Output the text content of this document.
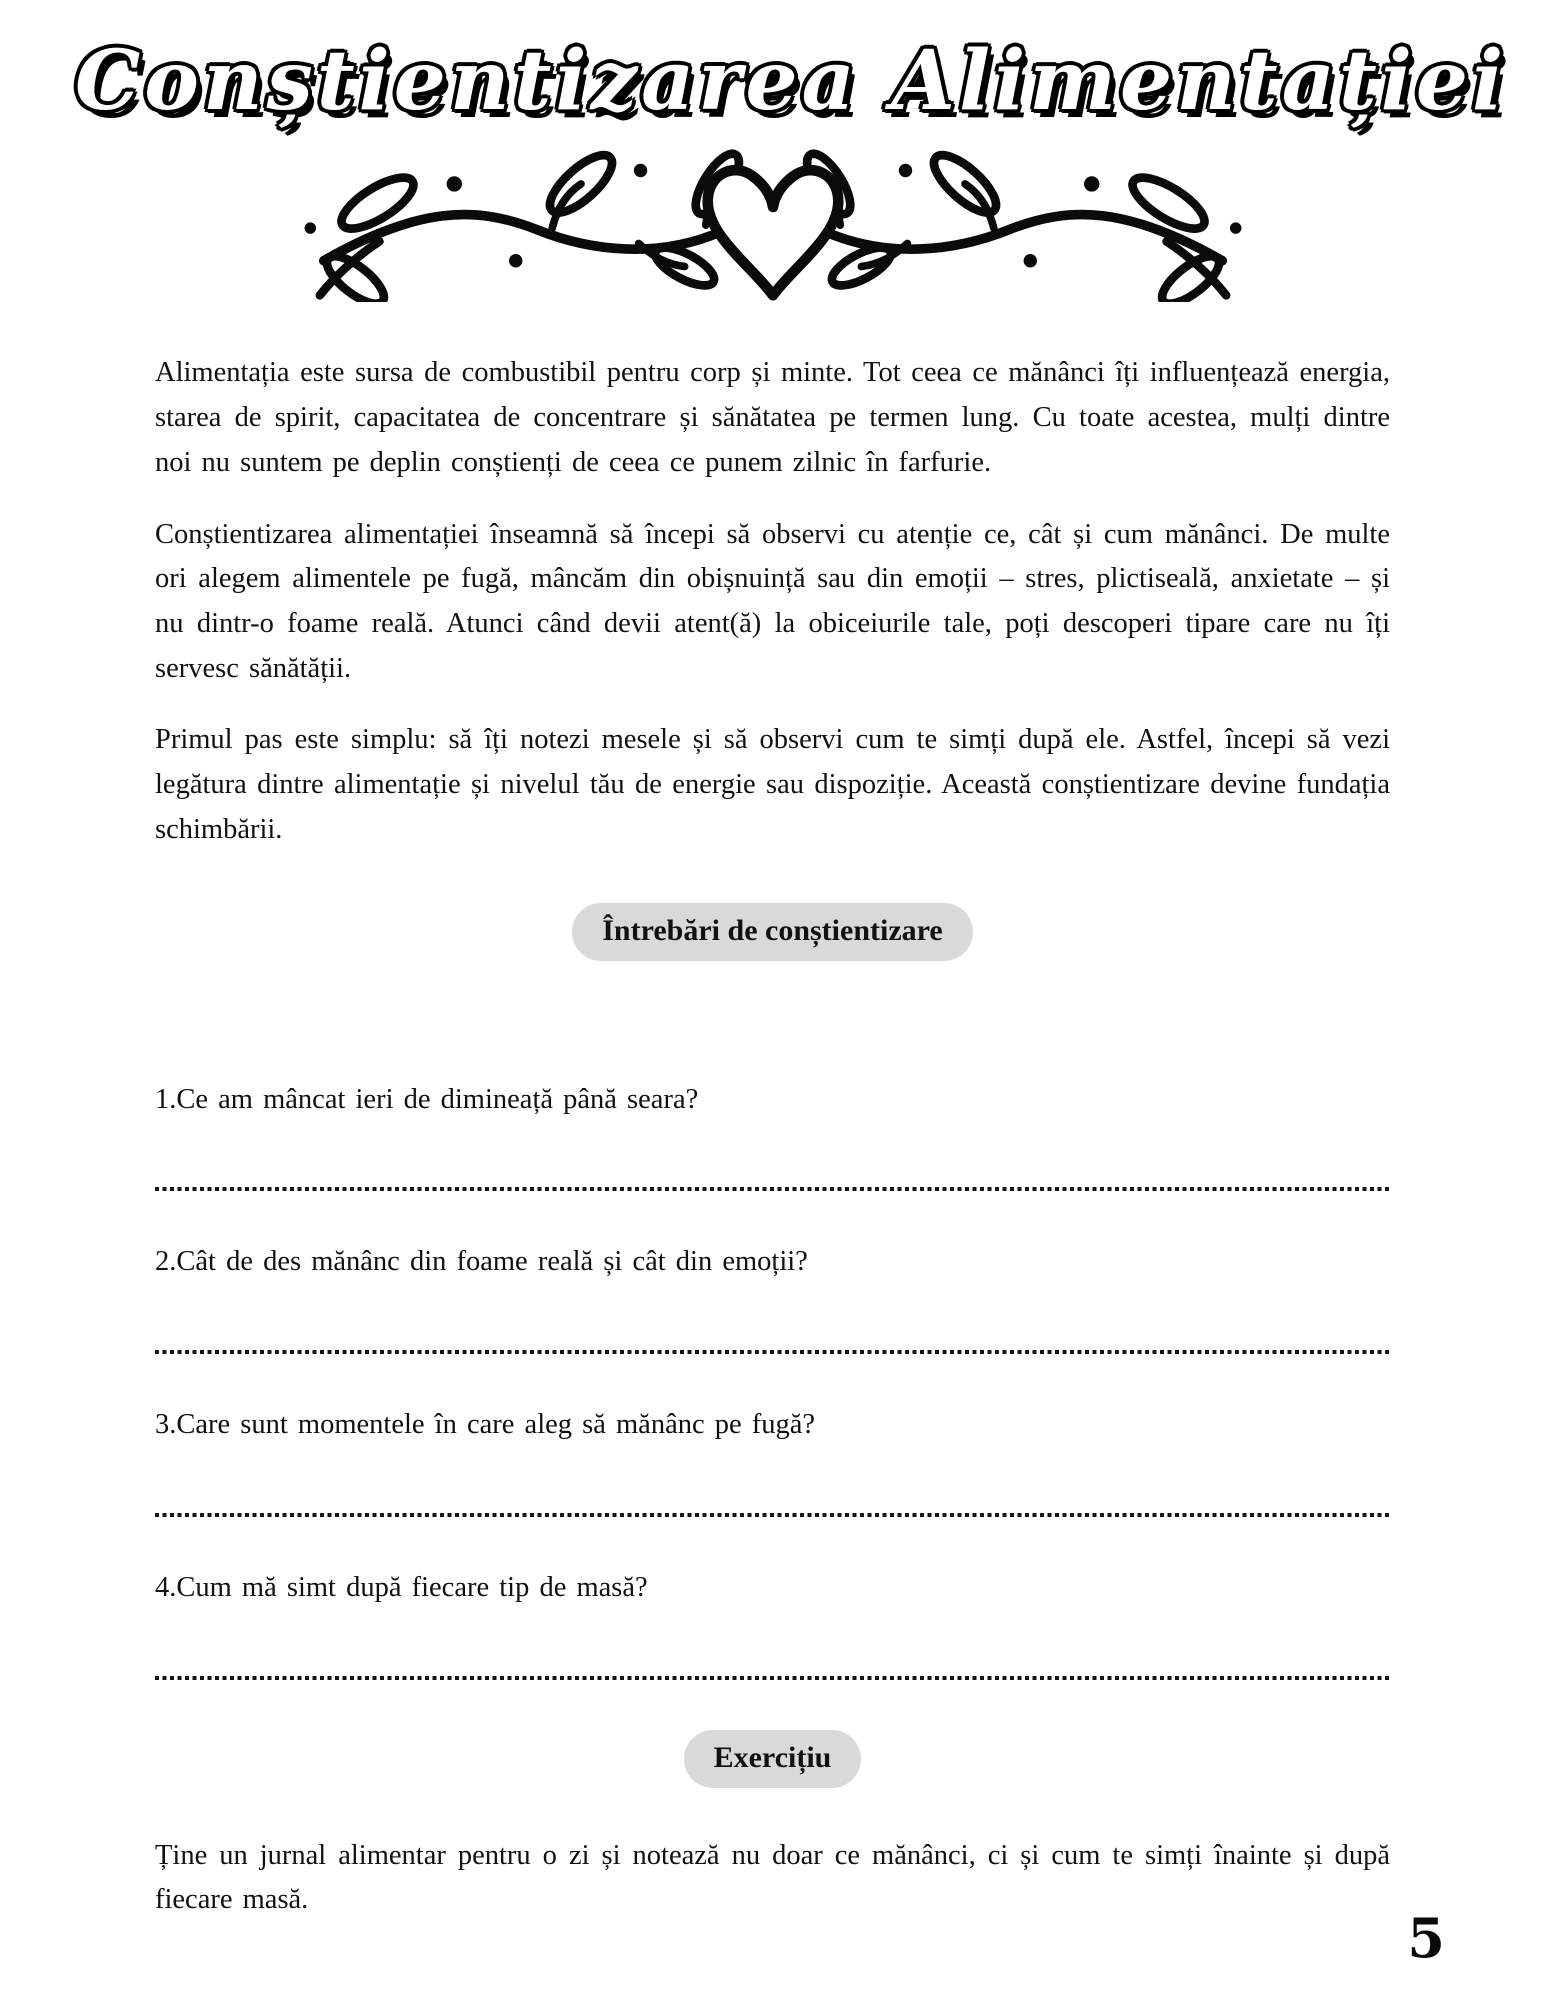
Conștientizarea Alimentației

Alimentația este sursa de combustibil pentru corp și minte. Tot ceea ce mănânci îți influențează energia, starea de spirit, capacitatea de concentrare și sănătatea pe termen lung. Cu toate acestea, mulți dintre noi nu suntem pe deplin conștienți de ceea ce punem zilnic în farfurie.

Conștientizarea alimentației înseamnă să începi să observi cu atenție ce, cât și cum mănânci. De multe ori alegem alimentele pe fugă, mâncăm din obișnuință sau din emoții – stres, plictiseală, anxietate – și nu dintr-o foame reală. Atunci când devii atent(ă) la obiceiurile tale, poți descoperi tipare care nu îți servesc sănătății.

Primul pas este simplu: să îți notezi mesele și să observi cum te simți după ele. Astfel, începi să vezi legătura dintre alimentație și nivelul tău de energie sau dispoziție. Această conștientizare devine fundația schimbării.

Întrebări de conștientizare
1.Ce am mâncat ieri de dimineață până seara?
2.Cât de des mănânc din foame reală și cât din emoții?
3.Care sunt momentele în care aleg să mănânc pe fugă?
4.Cum mă simt după fiecare tip de masă?
Exercițiu

Ține un jurnal alimentar pentru o zi și notează nu doar ce mănânci, ci și cum te simți înainte și după fiecare masă.

5
